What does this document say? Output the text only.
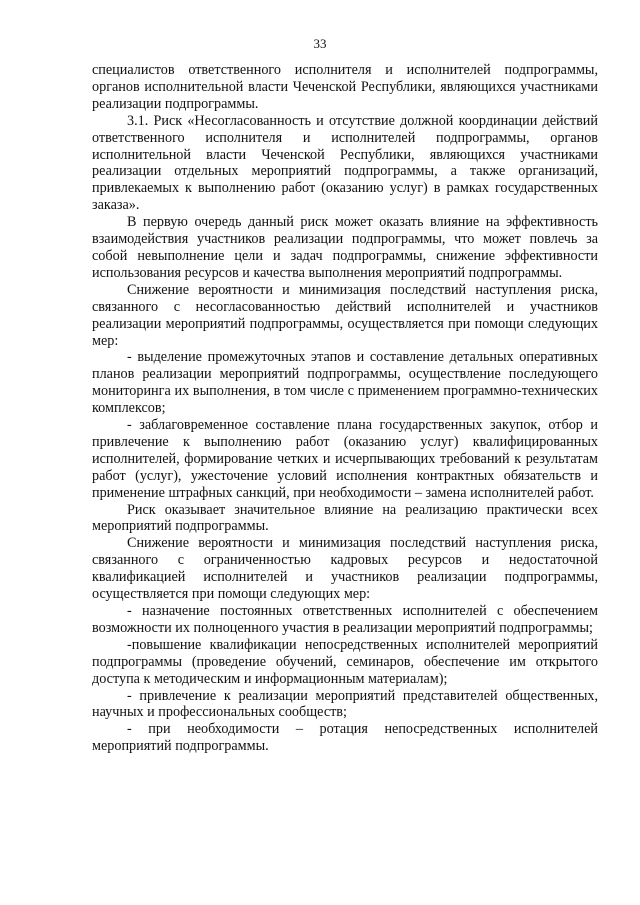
33

специалистов ответственного исполнителя и исполнителей подпрограммы, органов исполнительной власти Чеченской Республики, являющихся участниками реализации подпрограммы.

3.1. Риск «Несогласованность и отсутствие должной координации действий ответственного исполнителя и исполнителей подпрограммы, органов исполнительной власти Чеченской Республики, являющихся участниками реализации отдельных мероприятий подпрограммы, а также организаций, привлекаемых к выполнению работ (оказанию услуг) в рамках государственных заказа».

В первую очередь данный риск может оказать влияние на эффективность взаимодействия участников реализации подпрограммы, что может повлечь за собой невыполнение цели и задач подпрограммы, снижение эффективности использования ресурсов и качества выполнения мероприятий подпрограммы.

Снижение вероятности и минимизация последствий наступления риска, связанного с несогласованностью действий исполнителей и участников реализации мероприятий подпрограммы, осуществляется при помощи следующих мер:

- выделение промежуточных этапов и составление детальных оперативных планов реализации мероприятий подпрограммы, осуществление последующего мониторинга их выполнения, в том числе с применением программно-технических комплексов;

- заблаговременное составление плана государственных закупок, отбор и привлечение к выполнению работ (оказанию услуг) квалифицированных исполнителей, формирование четких и исчерпывающих требований к результатам работ (услуг), ужесточение условий исполнения контрактных обязательств и применение штрафных санкций, при необходимости – замена исполнителей работ.

Риск оказывает значительное влияние на реализацию практически всех мероприятий подпрограммы.

Снижение вероятности и минимизация последствий наступления риска, связанного с ограниченностью кадровых ресурсов и недостаточной квалификацией исполнителей и участников реализации подпрограммы, осуществляется при помощи следующих мер:

- назначение постоянных ответственных исполнителей с обеспечением возможности их полноценного участия в реализации мероприятий подпрограммы;

-повышение квалификации непосредственных исполнителей мероприятий подпрограммы (проведение обучений, семинаров, обеспечение им открытого доступа к методическим и информационным материалам);

- привлечение к реализации мероприятий представителей общественных, научных и профессиональных сообществ;

- при необходимости – ротация непосредственных исполнителей мероприятий подпрограммы.
